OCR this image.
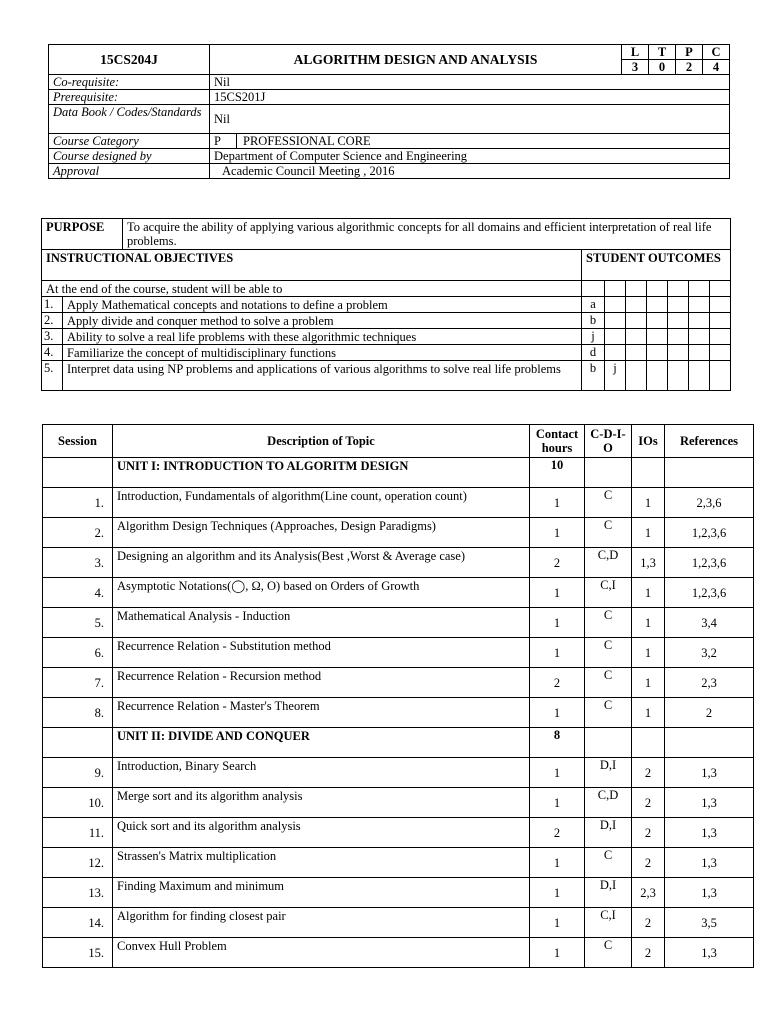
15CS204J	ALGORITHM DESIGN AND ANALYSIS	L	T	P	C
		3	0	2	4
Co-requisite:	Nil				
Prerequisite:	15CS201J				
Data Book / Codes/Standards	Nil				
Course Category	P PROFESSIONAL CORE				
Course designed by	Department of Computer Science and Engineering				
Approval	Academic Council Meeting , 2016				
PURPOSE		To acquire the ability of applying various algorithmic concepts for all domains and efficient interpretation of real life problems.							
INSTRUCTIONAL OBJECTIVES			STUDENT OUTCOMES						
At the end of the course, student will be able to									
1.	Apply Mathematical concepts and notations to define a problem		a						
2.	Apply divide and conquer method to solve a problem		b						
3.	Ability to solve a real life problems with these algorithmic techniques		j						
4.	Familiarize the concept of multidisciplinary functions		d						
5.	Interpret data using NP problems and applications of various algorithms to solve real life problems		b	j					
Session	Description of Topic	Contact hours	C-D-I-O	IOs	References
	UNIT I: INTRODUCTION TO ALGORITM DESIGN	10			
1.	Introduction, Fundamentals of algorithm(Line count, operation count)	1	C	1	2,3,6
2.	Algorithm Design Techniques (Approaches, Design Paradigms)	1	C	1	1,2,3,6
3.	Designing an algorithm and its Analysis(Best ,Worst & Average case)	2	C,D	1,3	1,2,3,6
4.	Asymptotic Notations(◯, Ω, O) based on Orders of Growth	1	C,I	1	1,2,3,6
5.	Mathematical Analysis - Induction	1	C	1	3,4
6.	Recurrence Relation - Substitution method	1	C	1	3,2
7.	Recurrence Relation - Recursion method	2	C	1	2,3
8.	Recurrence Relation - Master's Theorem	1	C	1	2
	UNIT II: DIVIDE AND CONQUER	8			
9.	Introduction, Binary Search	1	D,I	2	1,3
10.	Merge sort and its algorithm analysis	1	C,D	2	1,3
11.	Quick sort and its algorithm analysis	2	D,I	2	1,3
12.	Strassen's Matrix multiplication	1	C	2	1,3
13.	Finding Maximum and minimum	1	D,I	2,3	1,3
14.	Algorithm for finding closest pair	1	C,I	2	3,5
15.	Convex Hull Problem	1	C	2	1,3
